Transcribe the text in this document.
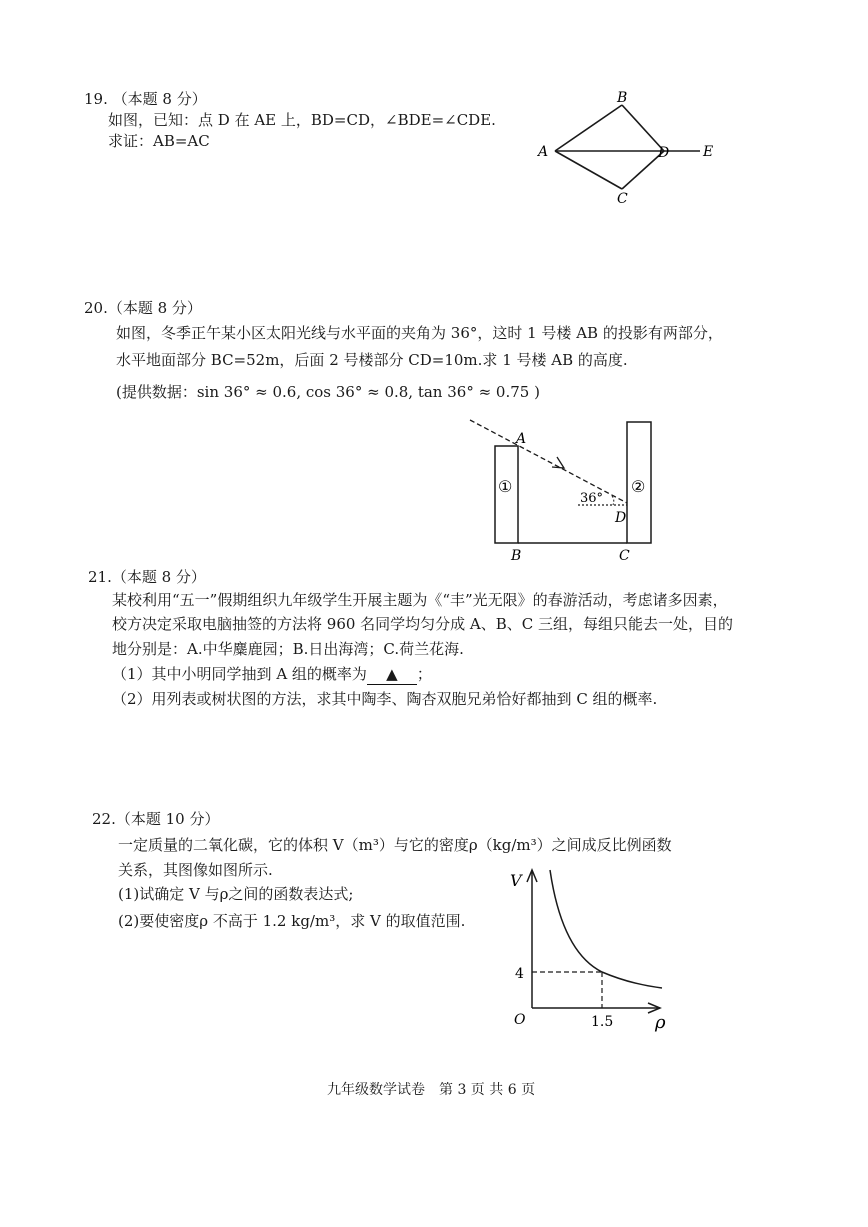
19. （本题 8 分）
如图，已知：点 D 在 AE 上，BD=CD，∠BDE=∠CDE.
求证：AB=AC
A
B
C
D E
20.（本题 8 分）
如图，冬季正午某小区太阳光线与水平面的夹角为 36°，这时 1 号楼 AB 的投影有两部分，
水平地面部分 BC=52m，后面 2 号楼部分 CD=10m.求 1 号楼 AB 的高度.
(提供数据：sin 36° ≈ 0.6, cos 36° ≈ 0.8, tan 36° ≈ 0.75 )
A
B	C
D
36°
①	②
21.（本题 8 分）
某校利用“五一”假期组织九年级学生开展主题为《“丰”光无限》的春游活动，考虑诸多因素，
校方决定采取电脑抽签的方法将 960 名同学均匀分成 A、B、C 三组，每组只能去一处，目的
地分别是：A.中华麋鹿园；B.日出海湾；C.荷兰花海.
（1）其中小明同学抽到 A 组的概率为 ▲ ；
（2）用列表或树状图的方法，求其中陶李、陶杏双胞兄弟恰好都抽到 C 组的概率.
22.（本题 10 分）
一定质量的二氧化碳，它的体积 V（m³）与它的密度ρ（kg/m³）之间成反比例函数
关系，其图像如图所示.
(1)试确定 V 与ρ之间的函数表达式;
(2)要使密度ρ 不高于 1.2 kg/m³，求 V 的取值范围.
V
ρ
O
4
1.5
九年级数学试卷　第 3 页 共 6 页
